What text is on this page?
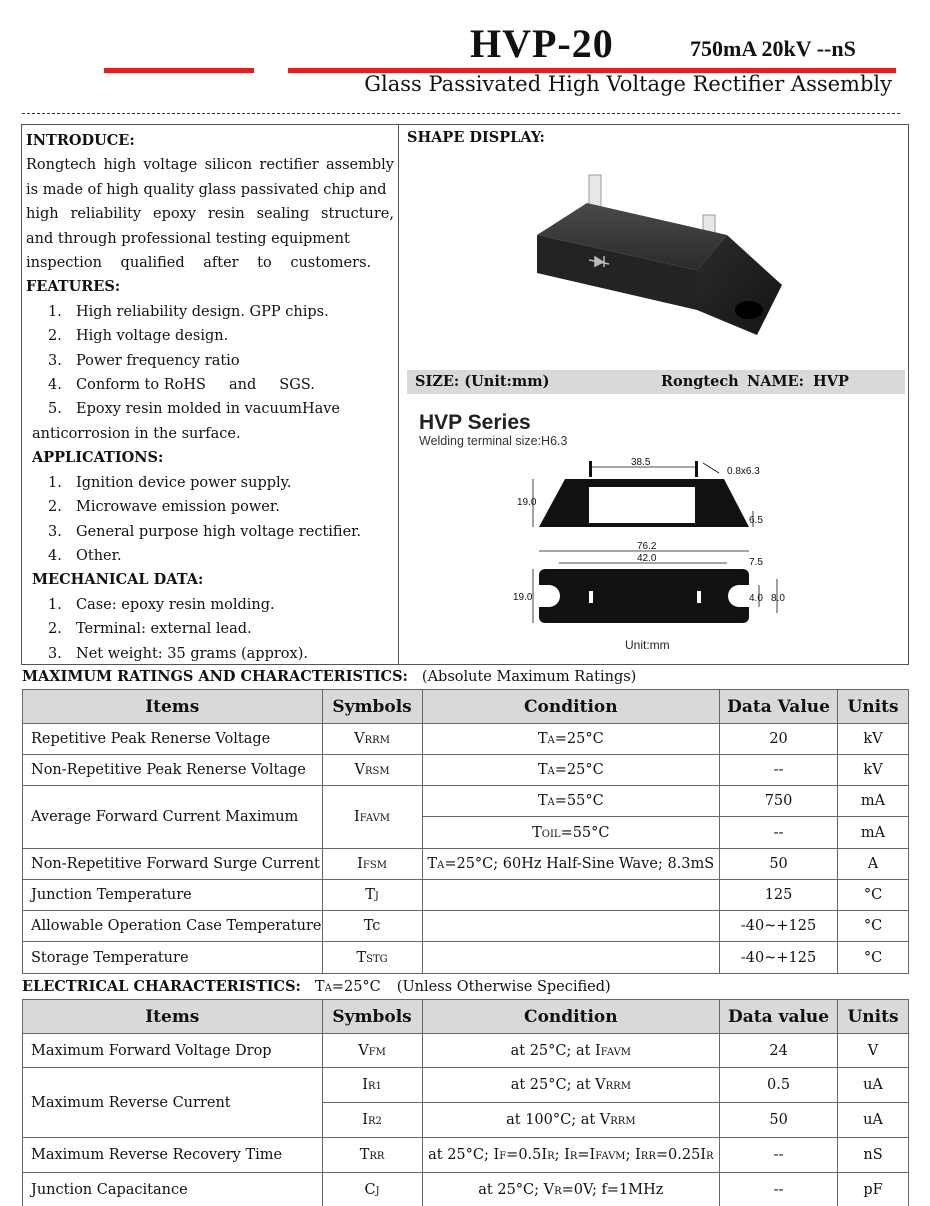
HVP-20	750mA 20kV --nS
Glass Passivated High Voltage Rectifier Assembly
INTRODUCE:
Rongtech high voltage silicon rectifier assembly
is made of high quality glass passivated chip and
high reliability epoxy resin sealing structure,
and through professional testing equipment
inspection qualified after to customers.
FEATURES:
1. High reliability design. GPP chips.
2. High voltage design.
3. Power frequency ratio
4. Conform to RoHS     and     SGS.
5. Epoxy resin molded in vacuumHave
anticorrosion in the surface.
APPLICATIONS:
1. Ignition device power supply.
2. Microwave emission power.
3. General purpose high voltage rectifier.
4. Other.
MECHANICAL DATA:
1. Case: epoxy resin molding.
2. Terminal: external lead.
3. Net weight: 35 grams (approx).
SHAPE DISPLAY:
SIZE: (Unit:mm)	Rongtech NAME: HVP
HVP Series
Welding terminal size:H6.3
38.5
0.8x6.3
19.0
6.5
76.2
42.0	7.5
19.0	4.0 8.0
Unit:mm
MAXIMUM RATINGS AND CHARACTERISTICS: (Absolute Maximum Ratings)
Items	Symbols	Condition	Data Value	Units
Repetitive Peak Renerse Voltage	VRRM	TA=25°C	20	kV
Non-Repetitive Peak Renerse Voltage	VRSM	TA=25°C	--	kV
Average Forward Current Maximum	IFAVM	TA=55°C	750	mA
		TOIL=55°C	--	mA
Non-Repetitive Forward Surge Current	IFSM	TA=25°C; 60Hz Half-Sine Wave; 8.3mS	50	A
Junction Temperature	TJ		125	°C
Allowable Operation Case Temperature	Tc		-40~+125	°C
Storage Temperature	TSTG		-40~+125	°C
ELECTRICAL CHARACTERISTICS: TA=25°C (Unless Otherwise Specified)
Items	Symbols	Condition	Data value	Units
Maximum Forward Voltage Drop	VFM	at 25°C; at IFAVM	24	V
Maximum Reverse Current	IR1	at 25°C; at VRRM	0.5	uA
	IR2	at 100°C; at VRRM	50	uA
Maximum Reverse Recovery Time	TRR	at 25°C; IF=0.5IR; IR=IFAVM; IRR=0.25IR	--	nS
Junction Capacitance	CJ	at 25°C; VR=0V; f=1MHz	--	pF
